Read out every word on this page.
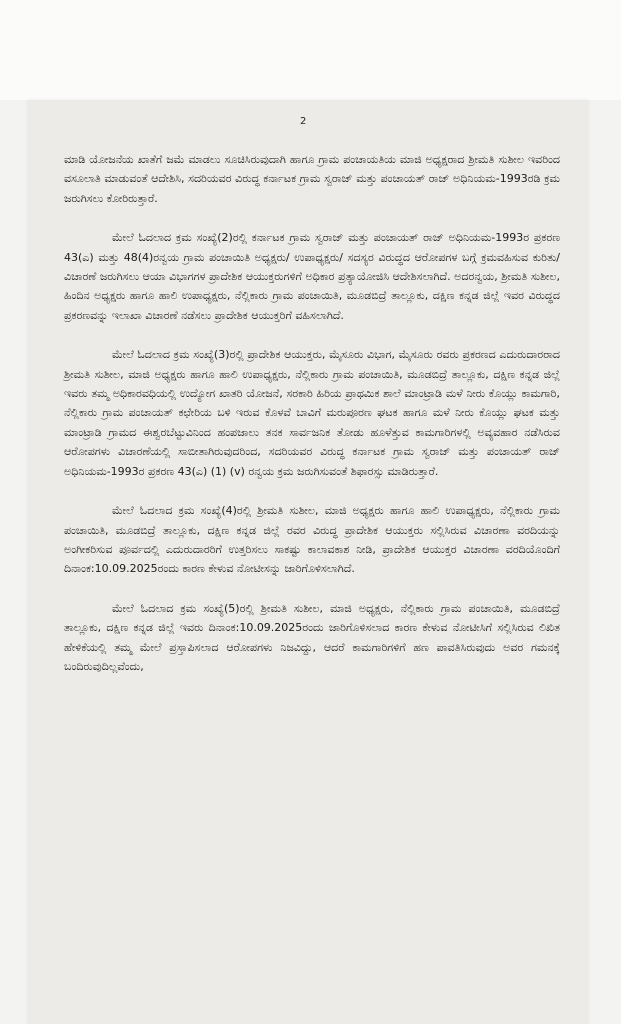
2

ಮಾಡಿ ಯೋಜನೆಯ ಖಾತೆಗೆ ಜಮೆ ಮಾಡಲು ಸೂಚಿಸಿರುವುದಾಗಿ ಹಾಗೂ ಗ್ರಾಮ ಪಂಚಾಯತಿಯ ಮಾಜಿ ಅಧ್ಯಕ್ಷರಾದ ಶ್ರೀಮತಿ ಸುಶೀಲ ಇವರಿಂದ ವಸೂಲಾತಿ ಮಾಡುವಂತೆ ಆದೇಶಿಸಿ, ಸದರಿಯವರ ವಿರುದ್ಧ ಕರ್ನಾಟಕ ಗ್ರಾಮ ಸ್ವರಾಜ್ ಮತ್ತು ಪಂಚಾಯತ್ ರಾಜ್ ಅಧಿನಿಯಮ-1993ರಡಿ ಕ್ರಮ ಜರುಗಿಸಲು ಕೋರಿರುತ್ತಾರೆ.

ಮೇಲೆ ಓದಲಾದ ಕ್ರಮ ಸಂಖ್ಯೆ(2)ರಲ್ಲಿ ಕರ್ನಾಟಕ ಗ್ರಾಮ ಸ್ವರಾಜ್ ಮತ್ತು ಪಂಚಾಯತ್ ರಾಜ್ ಅಧಿನಿಯಮ-1993ರ ಪ್ರಕರಣ 43(ಎ) ಮತ್ತು 48(4)ರನ್ವಯ ಗ್ರಾಮ ಪಂಚಾಯಿತಿ ಅಧ್ಯಕ್ಷರು/ ಉಪಾಧ್ಯಕ್ಷರು/ ಸದಸ್ಯರ ವಿರುದ್ಧದ ಆರೋಪಗಳ ಬಗ್ಗೆ ಕ್ರಮವಹಿಸುವ ಕುರಿತು/ ವಿಚಾರಣೆ ಜರುಗಿಸಲು ಆಯಾ ವಿಭಾಗಗಳ ಪ್ರಾದೇಶಿಕ ಆಯುಕ್ತರುಗಳಿಗೆ ಅಧಿಕಾರ ಪ್ರತ್ಯಾಯೋಜಿಸಿ ಆದೇಶಿಸಲಾಗಿದೆ. ಅದರನ್ವಯ, ಶ್ರೀಮತಿ ಸುಶೀಲ, ಹಿಂದಿನ ಅಧ್ಯಕ್ಷರು ಹಾಗೂ ಹಾಲಿ ಉಪಾಧ್ಯಕ್ಷರು, ನೆಲ್ಲಿಕಾರು ಗ್ರಾಮ ಪಂಚಾಯಿತಿ, ಮೂಡಬಿದ್ರೆ ತಾಲ್ಲೂಕು, ದಕ್ಷಿಣ ಕನ್ನಡ ಜಿಲ್ಲೆ ಇವರ ವಿರುದ್ಧದ ಪ್ರಕರಣವನ್ನು ಇಲಾಖಾ ವಿಚಾರಣೆ ನಡೆಸಲು ಪ್ರಾದೇಶಿಕ ಆಯುಕ್ತರಿಗೆ ವಹಿಸಲಾಗಿದೆ.

ಮೇಲೆ ಓದಲಾದ ಕ್ರಮ ಸಂಖ್ಯೆ(3)ರಲ್ಲಿ ಪ್ರಾದೇಶಿಕ ಆಯುಕ್ತರು, ಮೈಸೂರು ವಿಭಾಗ, ಮೈಸೂರು ರವರು ಪ್ರಕರಣದ ಎದುರುದಾರರಾದ ಶ್ರೀಮತಿ ಸುಶೀಲ, ಮಾಜಿ ಅಧ್ಯಕ್ಷರು ಹಾಗೂ ಹಾಲಿ ಉಪಾಧ್ಯಕ್ಷರು, ನೆಲ್ಲಿಕಾರು ಗ್ರಾಮ ಪಂಚಾಯಿತಿ, ಮೂಡಬಿದ್ರೆ ತಾಲ್ಲೂಕು, ದಕ್ಷಿಣ ಕನ್ನಡ ಜಿಲ್ಲೆ ಇವರು ತಮ್ಮ ಅಧಿಕಾರವಧಿಯಲ್ಲಿ ಉದ್ಯೋಗ ಖಾತರಿ ಯೋಜನೆ, ಸರಕಾರಿ ಹಿರಿಯ ಪ್ರಾಥಮಿಕ ಶಾಲೆ ಮಾಂಟ್ರಾಡಿ ಮಳೆ ನೀರು ಕೊಯ್ಲು ಕಾಮಗಾರಿ, ನೆಲ್ಲಿಕಾರು ಗ್ರಾಮ ಪಂಚಾಯತ್ ಕಛೇರಿಯ ಬಳಿ ಇರುವ ಕೊಳವೆ ಬಾವಿಗೆ ಮರುಪೂರಣ ಘಟಕ ಹಾಗೂ ಮಳೆ ನೀರು ಕೊಯ್ಲು ಘಟಕ ಮತ್ತು ಮಾಂಟ್ರಾಡಿ ಗ್ರಾಮದ ಈಶ್ವರಬೆಟ್ಟುವಿನಿಂದ ಹಂಪಜಾಲು ತನಕ ಸಾರ್ವಜನಿಕ ತೋಡು ಹೂಳೆತ್ತುವ ಕಾಮಗಾರಿಗಳಲ್ಲಿ ಅವ್ಯವಹಾರ ನಡೆಸಿರುವ ಆರೋಪಗಳು ವಿಚಾರಣೆಯಲ್ಲಿ ಸಾಬೀತಾಗಿರುವುದರಿಂದ, ಸದರಿಯವರ ವಿರುದ್ಧ ಕರ್ನಾಟಕ ಗ್ರಾಮ ಸ್ವರಾಜ್ ಮತ್ತು ಪಂಚಾಯತ್ ರಾಜ್ ಅಧಿನಿಯಮ-1993ರ ಪ್ರಕರಣ 43(ಎ) (1) (v) ರನ್ವಯ ಕ್ರಮ ಜರುಗಿಸುವಂತೆ ಶಿಫಾರಸ್ಸು ಮಾಡಿರುತ್ತಾರೆ.

ಮೇಲೆ ಓದಲಾದ ಕ್ರಮ ಸಂಖ್ಯೆ(4)ರಲ್ಲಿ ಶ್ರೀಮತಿ ಸುಶೀಲ, ಮಾಜಿ ಅಧ್ಯಕ್ಷರು ಹಾಗೂ ಹಾಲಿ ಉಪಾಧ್ಯಕ್ಷರು, ನೆಲ್ಲಿಕಾರು ಗ್ರಾಮ ಪಂಚಾಯಿತಿ, ಮೂಡಬಿದ್ರೆ ತಾಲ್ಲೂಕು, ದಕ್ಷಿಣ ಕನ್ನಡ ಜಿಲ್ಲೆ ರವರ ವಿರುದ್ಧ ಪ್ರಾದೇಶಿಕ ಆಯುಕ್ತರು ಸಲ್ಲಿಸಿರುವ ವಿಚಾರಣಾ ವರದಿಯನ್ನು ಅಂಗೀಕರಿಸುವ ಪೂರ್ವದಲ್ಲಿ ಎದುರುದಾರರಿಗೆ ಉತ್ತರಿಸಲು ಸಾಕಷ್ಟು ಕಾಲಾವಕಾಶ ನೀಡಿ, ಪ್ರಾದೇಶಿಕ ಆಯುಕ್ತರ ವಿಚಾರಣಾ ವರದಿಯೊಂದಿಗೆ ದಿನಾಂಕ:10.09.2025ರಂದು ಕಾರಣ ಕೇಳುವ ನೋಟೀಸನ್ನು ಜಾರಿಗೊಳಿಸಲಾಗಿದೆ.

ಮೇಲೆ ಓದಲಾದ ಕ್ರಮ ಸಂಖ್ಯೆ(5)ರಲ್ಲಿ ಶ್ರೀಮತಿ ಸುಶೀಲ, ಮಾಜಿ ಅಧ್ಯಕ್ಷರು, ನೆಲ್ಲಿಕಾರು ಗ್ರಾಮ ಪಂಚಾಯಿತಿ, ಮೂಡಬಿದ್ರೆ ತಾಲ್ಲೂಕು, ದಕ್ಷಿಣ ಕನ್ನಡ ಜಿಲ್ಲೆ ಇವರು ದಿನಾಂಕ:10.09.2025ರಂದು ಜಾರಿಗೊಳಿಸಲಾದ ಕಾರಣ ಕೇಳುವ ನೋಟೀಸಿಗೆ ಸಲ್ಲಿಸಿರುವ ಲಿಖಿತ ಹೇಳಿಕೆಯಲ್ಲಿ ತಮ್ಮ ಮೇಲೆ ಪ್ರಸ್ತಾಪಿಸಲಾದ ಆರೋಪಗಳು ನಿಜವಿದ್ದು, ಆದರೆ ಕಾಮಗಾರಿಗಳಿಗೆ ಹಣ ಪಾವತಿಸಿರುವುದು ಅವರ ಗಮನಕ್ಕೆ ಬಂದಿರುವುದಿಲ್ಲವೆಂದು,
